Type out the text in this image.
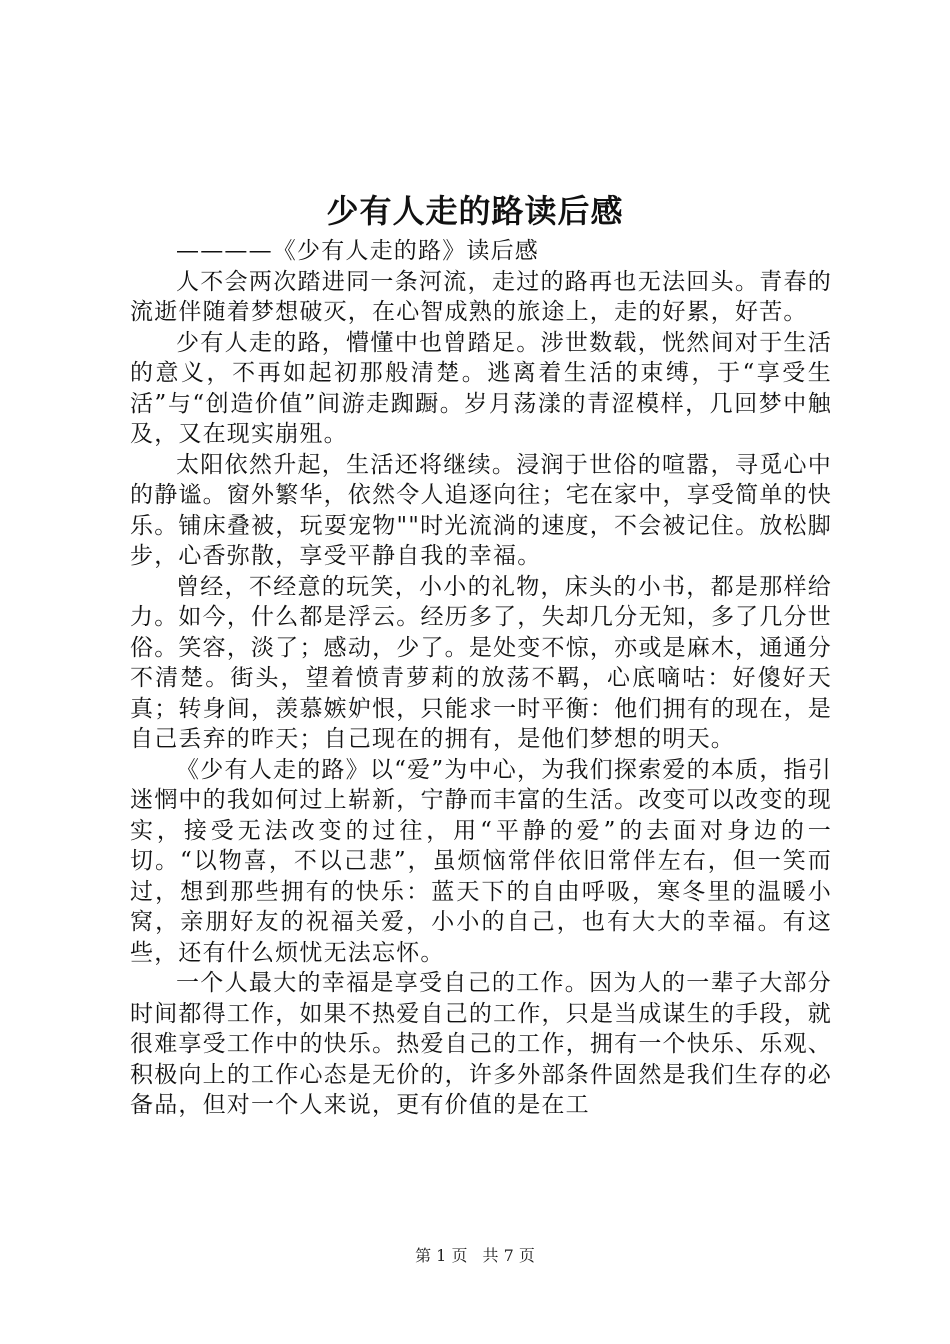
少有人走的路读后感
————《少有人走的路》读后感

人不会两次踏进同一条河流，走过的路再也无法回头。青春的流逝伴随着梦想破灭，在心智成熟的旅途上，走的好累，好苦。

少有人走的路，懵懂中也曾踏足。涉世数载，恍然间对于生活的意义，不再如起初那般清楚。逃离着生活的束缚，于“享受生活”与“创造价值”间游走踟蹰。岁月荡漾的青涩模样，几回梦中触及，又在现实崩殂。

太阳依然升起，生活还将继续。浸润于世俗的喧嚣，寻觅心中的静谧。窗外繁华，依然令人追逐向往；宅在家中，享受简单的快乐。铺床叠被，玩耍宠物""时光流淌的速度，不会被记住。放松脚步，心香弥散，享受平静自我的幸福。

曾经，不经意的玩笑，小小的礼物，床头的小书，都是那样给力。如今，什么都是浮云。经历多了，失却几分无知，多了几分世俗。笑容，淡了；感动，少了。是处变不惊，亦或是麻木，通通分不清楚。街头，望着愤青萝莉的放荡不羁，心底嘀咕：好傻好天真；转身间，羡慕嫉妒恨，只能求一时平衡：他们拥有的现在，是自己丢弃的昨天；自己现在的拥有，是他们梦想的明天。

《少有人走的路》以“爱”为中心，为我们探索爱的本质，指引迷惘中的我如何过上崭新，宁静而丰富的生活。改变可以改变的现实，接受无法改变的过往，用“平静的爱”的去面对身边的一切。“以物喜，不以己悲”，虽烦恼常伴依旧常伴左右，但一笑而过，想到那些拥有的快乐：蓝天下的自由呼吸，寒冬里的温暖小窝，亲朋好友的祝福关爱，小小的自己，也有大大的幸福。有这些，还有什么烦忧无法忘怀。

一个人最大的幸福是享受自己的工作。因为人的一辈子大部分时间都得工作，如果不热爱自己的工作，只是当成谋生的手段，就很难享受工作中的快乐。热爱自己的工作，拥有一个快乐、乐观、积极向上的工作心态是无价的，许多外部条件固然是我们生存的必备品，但对一个人来说，更有价值的是在工

第 1 页 共 7 页
